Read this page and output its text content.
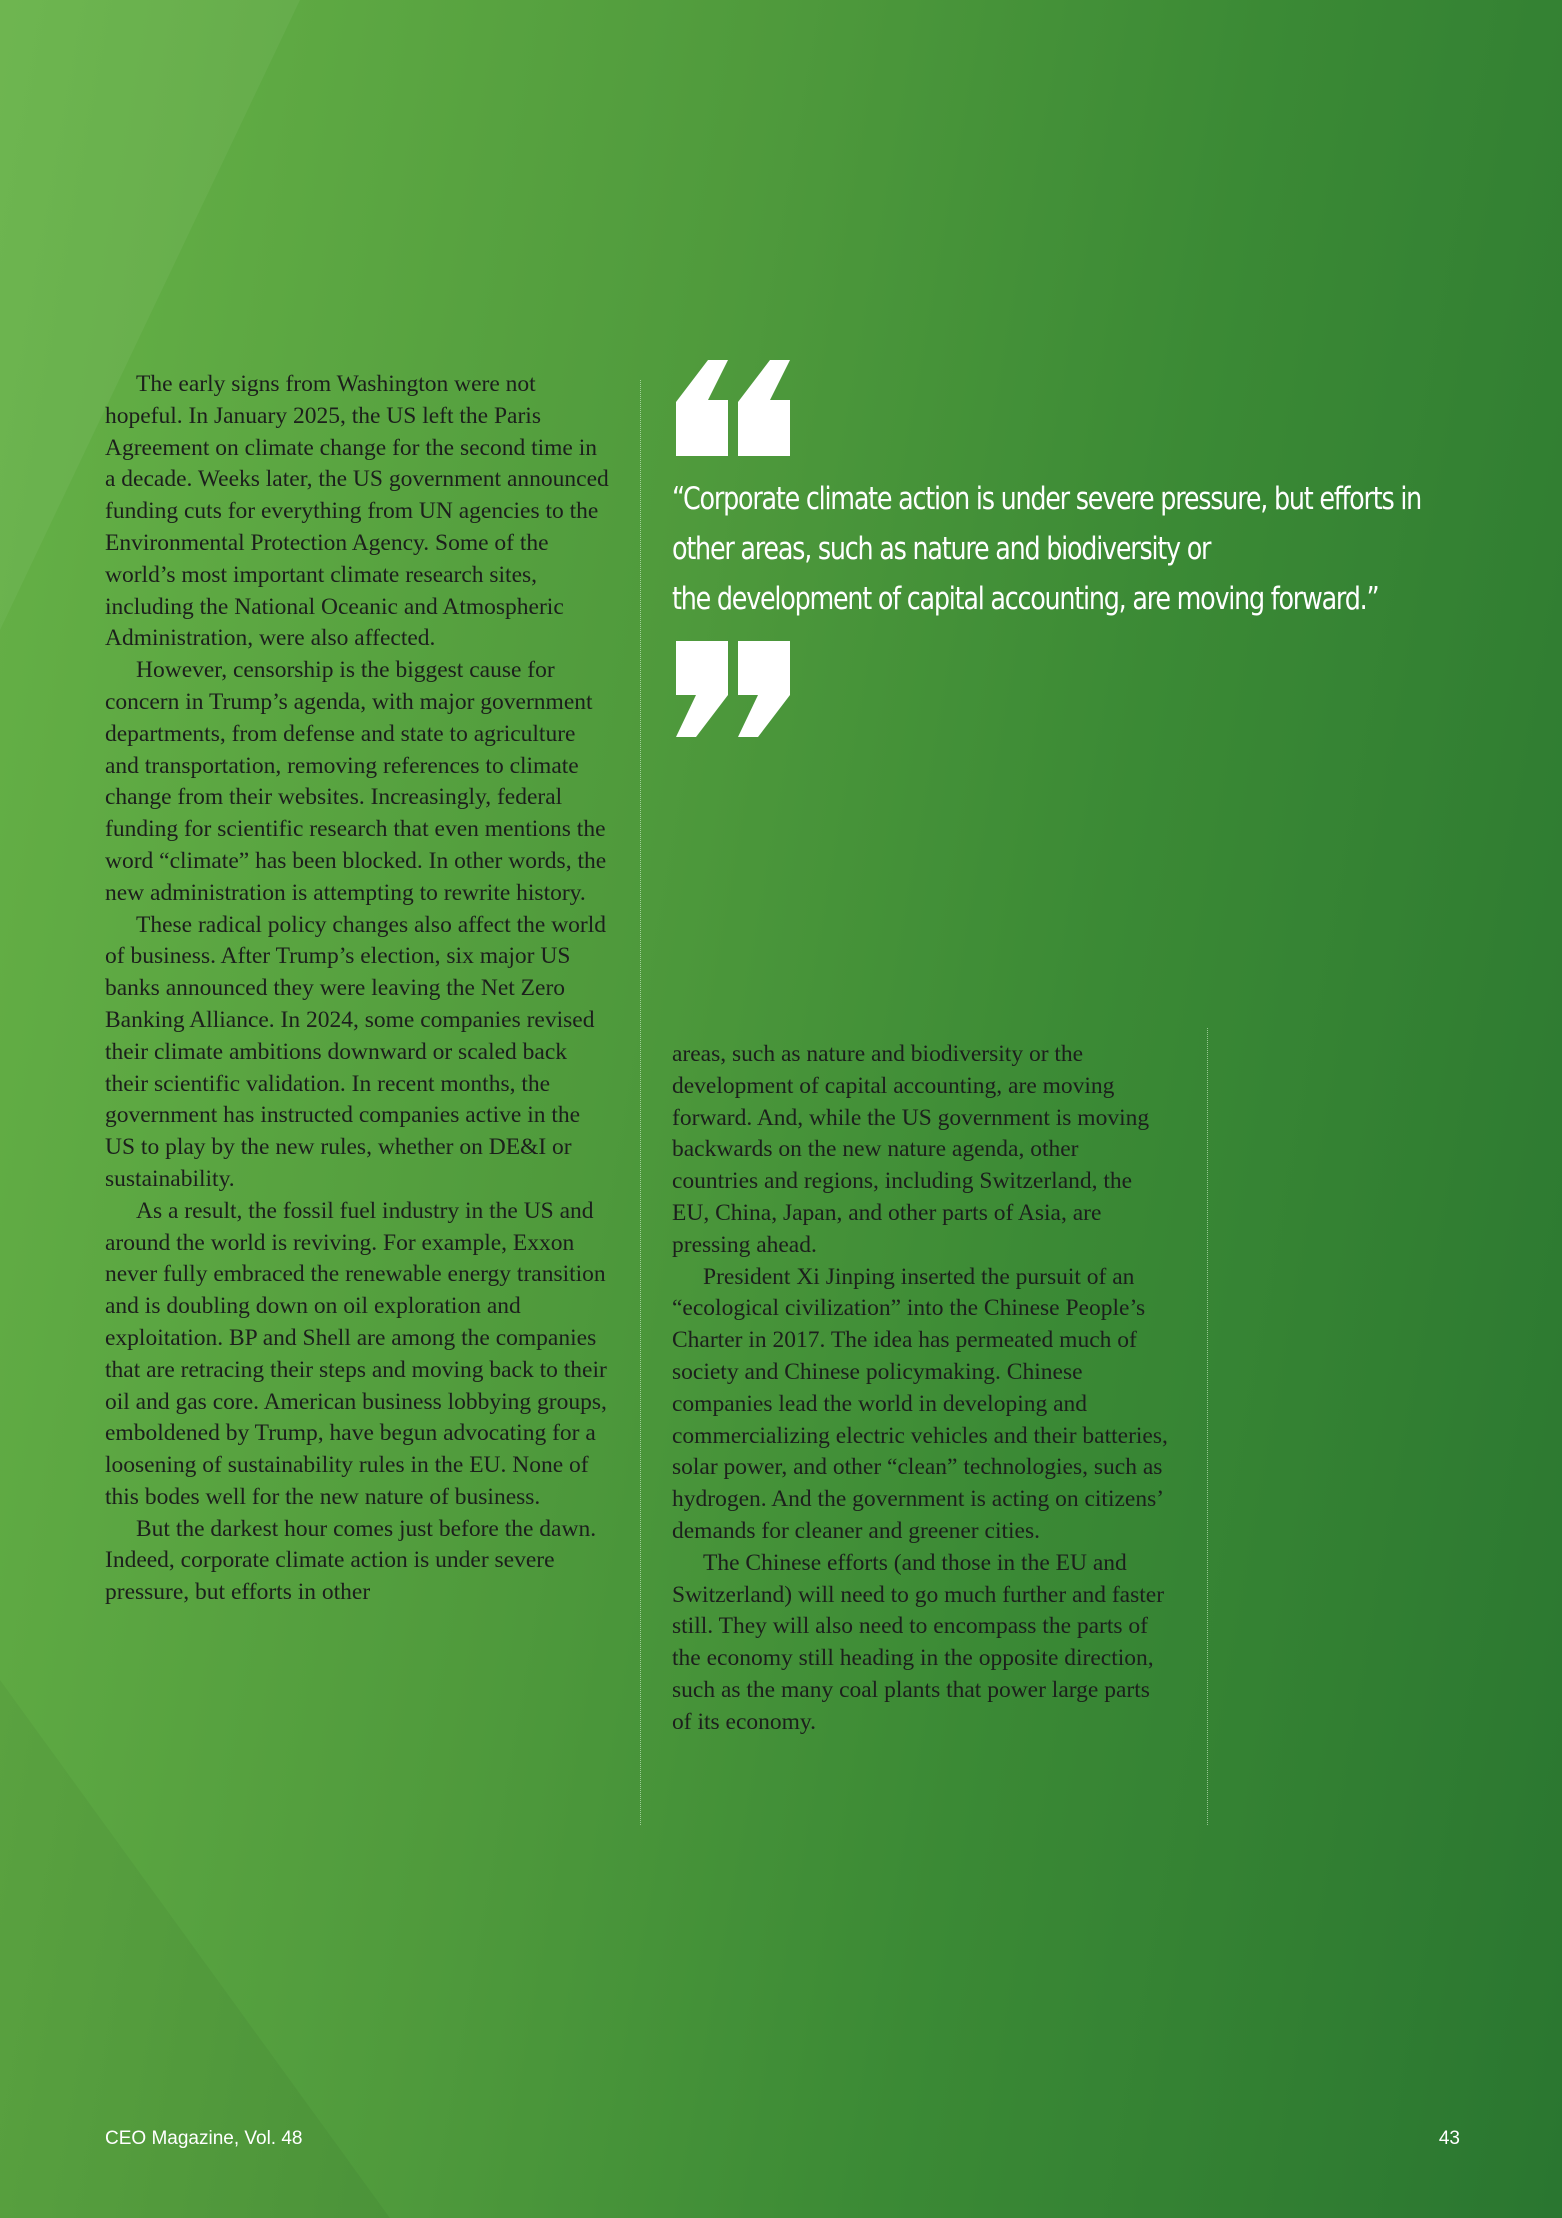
“Corporate climate action is under severe pressure, but efforts in
other areas, such as nature and biodiversity or
the development of capital accounting, are moving forward.”

The early signs from Washington were not hopeful. In January 2025, the US left the Paris Agreement on climate change for the second time in a decade. Weeks later, the US government announced funding cuts for everything from UN agencies to the Environmental Protection Agency. Some of the world’s most important climate research sites, including the National Oceanic and Atmospheric Administration, were also affected.

However, censorship is the biggest cause for concern in Trump’s agenda, with major government departments, from defense and state to agriculture and transportation, removing references to climate change from their websites. Increasingly, federal funding for scientific research that even mentions the word “climate” has been blocked. In other words, the new administration is attempting to rewrite history.

These radical policy changes also affect the world of business. After Trump’s election, six major US banks announced they were leaving the Net Zero Banking Alliance. In 2024, some companies revised their climate ambitions downward or scaled back their scientific validation. In recent months, the government has instructed companies active in the US to play by the new rules, whether on DE&I or sustainability.

As a result, the fossil fuel industry in the US and around the world is reviving. For example, Exxon never fully embraced the renewable energy transition and is doubling down on oil exploration and exploitation. BP and Shell are among the companies that are retracing their steps and moving back to their oil and gas core. American business lobbying groups, emboldened by Trump, have begun advocating for a loosening of sustainability rules in the EU. None of this bodes well for the new nature of business.

But the darkest hour comes just before the dawn. Indeed, corporate climate action is under severe pressure, but efforts in other

areas, such as nature and biodiversity or the development of capital accounting, are moving forward. And, while the US government is moving backwards on the new nature agenda, other countries and regions, including Switzerland, the EU, China, Japan, and other parts of Asia, are pressing ahead.

President Xi Jinping inserted the pursuit of an “ecological civilization” into the Chinese People’s Charter in 2017. The idea has permeated much of society and Chinese policymaking. Chinese companies lead the world in developing and commercializing electric vehicles and their batteries, solar power, and other “clean” technologies, such as hydrogen. And the government is acting on citizens’ demands for cleaner and greener cities.

The Chinese efforts (and those in the EU and Switzerland) will need to go much further and faster still. They will also need to encompass the parts of the economy still heading in the opposite direction, such as the many coal plants that power large parts of its economy.

CEO Magazine, Vol. 48	43
